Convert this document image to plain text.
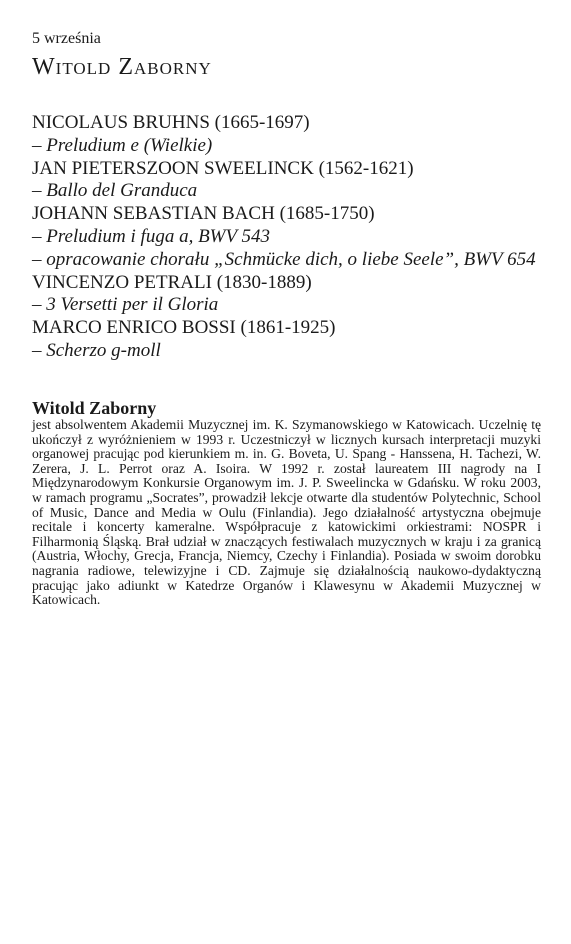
5 września
Witold Zaborny
NICOLAUS BRUHNS (1665-1697)
– Preludium e (Wielkie)
JAN PIETERSZOON SWEELINCK (1562-1621)
– Ballo del Granduca
JOHANN SEBASTIAN BACH (1685-1750)
– Preludium i fuga a, BWV 543
– opracowanie chorału „Schmücke dich, o liebe Seele”, BWV 654
VINCENZO PETRALI (1830-1889)
– 3 Versetti per il Gloria
MARCO ENRICO BOSSI (1861-1925)
– Scherzo g-moll
Witold Zaborny
jest absolwentem Akademii Muzycznej im. K. Szymanowskiego w Katowicach. Uczelnię tę ukończył z wyróżnieniem w 1993 r. Uczestniczył w licznych kursach interpretacji muzyki organowej pracując pod kierunkiem m. in. G. Boveta, U. Spang - Hanssena, H. Tachezi, W. Zerera, J. L. Perrot oraz A. Isoira. W 1992 r. został laureatem III nagrody na I Międzynarodowym Konkursie Organowym im. J. P. Sweelincka w Gdańsku. W roku 2003, w ramach programu „Socrates”, prowadził lekcje otwarte dla studentów Polytechnic, School of Music, Dance and Media w Oulu (Finlandia). Jego działalność artystyczna obejmuje recitale i koncerty kameralne. Współpracuje z katowickimi orkiestrami: NOSPR i Filharmonią Śląską. Brał udział w znaczących festiwalach muzycznych w kraju i za granicą (Austria, Włochy, Grecja, Francja, Niemcy, Czechy i Finlandia). Posiada w swoim dorobku nagrania radiowe, telewizyjne i CD. Zajmuje się działalnością naukowo-dydaktyczną pracując jako adiunkt w Katedrze Organów i Klawesynu w Akademii Muzycznej w Katowicach.
